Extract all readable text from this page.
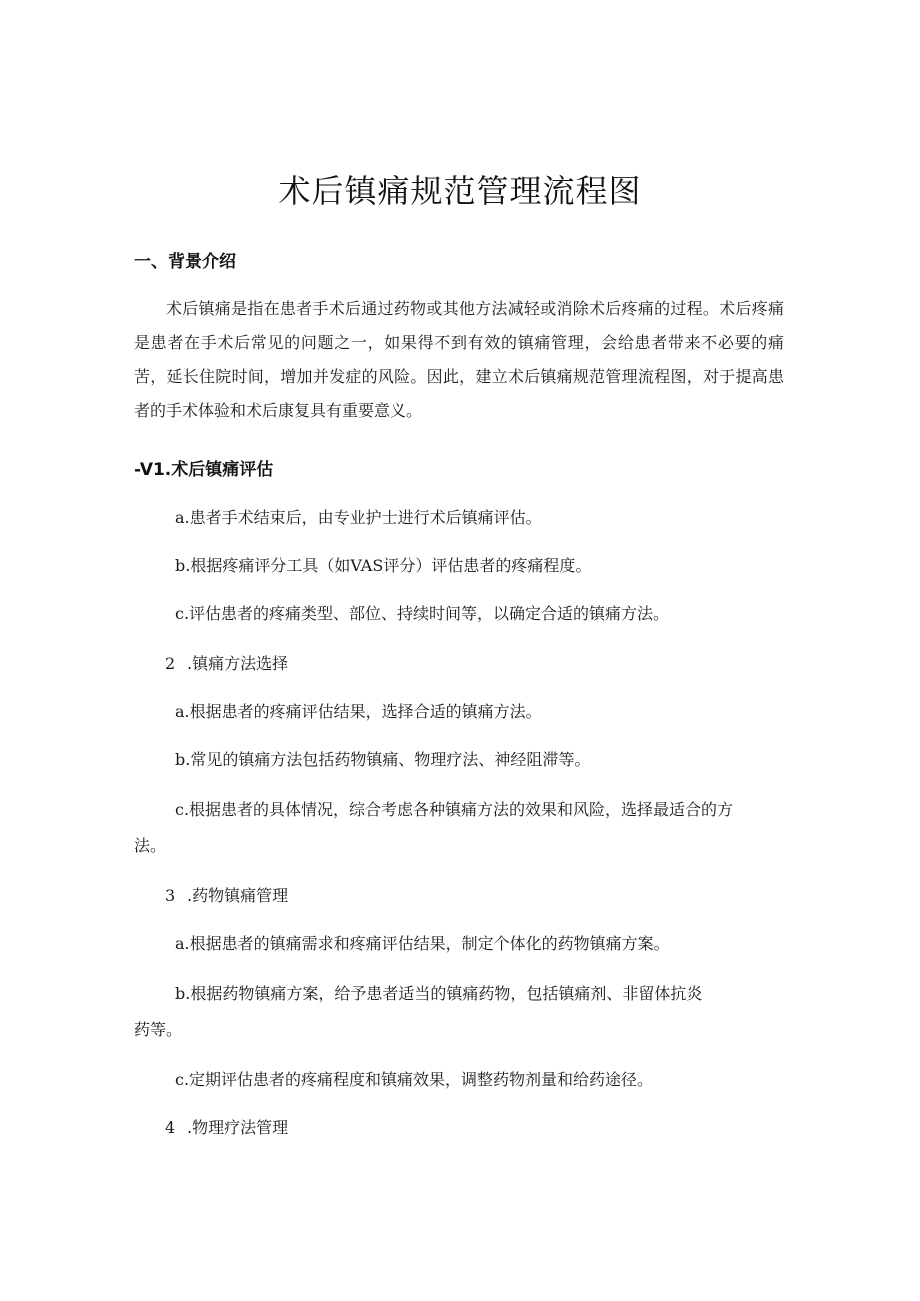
术后镇痛规范管理流程图
一、背景介绍
术后镇痛是指在患者手术后通过药物或其他方法减轻或消除术后疼痛的过程。术后疼痛是患者在手术后常见的问题之一，如果得不到有效的镇痛管理，会给患者带来不必要的痛苦，延长住院时间，增加并发症的风险。因此，建立术后镇痛规范管理流程图，对于提高患者的手术体验和术后康复具有重要意义。
-V1.术后镇痛评估
a.患者手术结束后，由专业护士进行术后镇痛评估。
b.根据疼痛评分工具（如VAS评分）评估患者的疼痛程度。
c.评估患者的疼痛类型、部位、持续时间等，以确定合适的镇痛方法。
2 .镇痛方法选择
a.根据患者的疼痛评估结果，选择合适的镇痛方法。
b.常见的镇痛方法包括药物镇痛、物理疗法、神经阻滞等。
c.根据患者的具体情况，综合考虑各种镇痛方法的效果和风险，选择最适合的方
法。
3 .药物镇痛管理
a.根据患者的镇痛需求和疼痛评估结果，制定个体化的药物镇痛方案。
b.根据药物镇痛方案，给予患者适当的镇痛药物，包括镇痛剂、非留体抗炎
药等。
c.定期评估患者的疼痛程度和镇痛效果，调整药物剂量和给药途径。
4 .物理疗法管理
